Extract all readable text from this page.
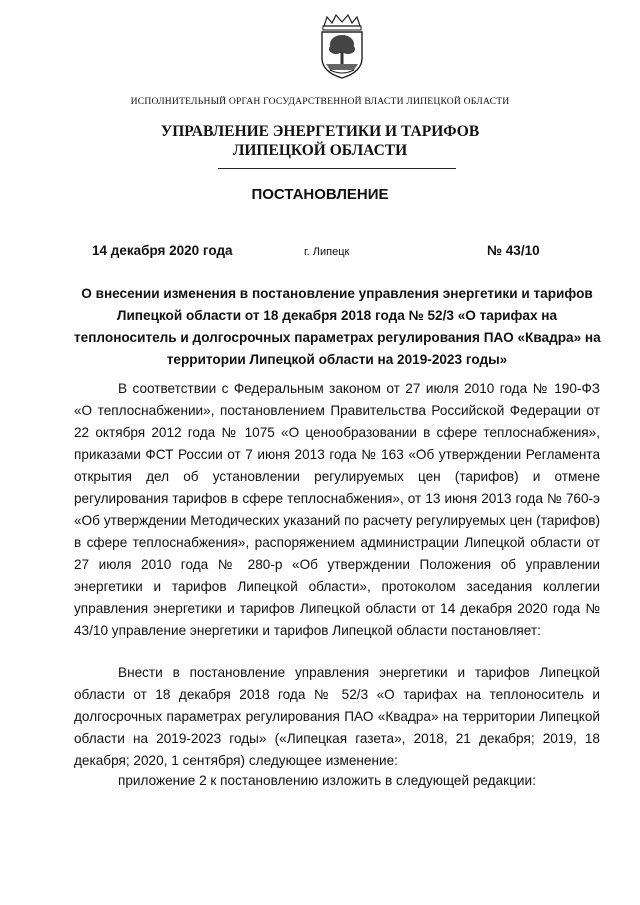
ИСПОЛНИТЕЛЬНЫЙ ОРГАН ГОСУДАРСТВЕННОЙ ВЛАСТИ ЛИПЕЦКОЙ ОБЛАСТИ
УПРАВЛЕНИЕ ЭНЕРГЕТИКИ И ТАРИФОВ
ЛИПЕЦКОЙ ОБЛАСТИ
ПОСТАНОВЛЕНИЕ
14 декабря 2020 года	г. Липецк	№ 43/10
О внесении изменения в постановление управления энергетики и тарифов
Липецкой области от 18 декабря 2018 года № 52/3 «О тарифах на
теплоноситель и долгосрочных параметрах регулирования ПАО «Квадра» на
территории Липецкой области на 2019-2023 годы»
В соответствии с Федеральным законом от 27 июля 2010 года № 190-ФЗ «О теплоснабжении», постановлением Правительства Российской Федерации от 22 октября 2012 года № 1075 «О ценообразовании в сфере теплоснабжения», приказами ФСТ России от 7 июня 2013 года № 163 «Об утверждении Регламента открытия дел об установлении регулируемых цен (тарифов) и отмене регулирования тарифов в сфере теплоснабжения», от 13 июня 2013 года № 760-э «Об утверждении Методических указаний по расчету регулируемых цен (тарифов) в сфере теплоснабжения», распоряжением администрации Липецкой области от 27 июля 2010 года № 280-р «Об утверждении Положения об управлении энергетики и тарифов Липецкой области», протоколом заседания коллегии управления энергетики и тарифов Липецкой области от 14 декабря 2020 года № 43/10 управление энергетики и тарифов Липецкой области постановляет:
Внести в постановление управления энергетики и тарифов Липецкой области от 18 декабря 2018 года № 52/3 «О тарифах на теплоноситель и долгосрочных параметрах регулирования ПАО «Квадра» на территории Липецкой области на 2019-2023 годы» («Липецкая газета», 2018, 21 декабря; 2019, 18 декабря; 2020, 1 сентября) следующее изменение:
приложение 2 к постановлению изложить в следующей редакции:
